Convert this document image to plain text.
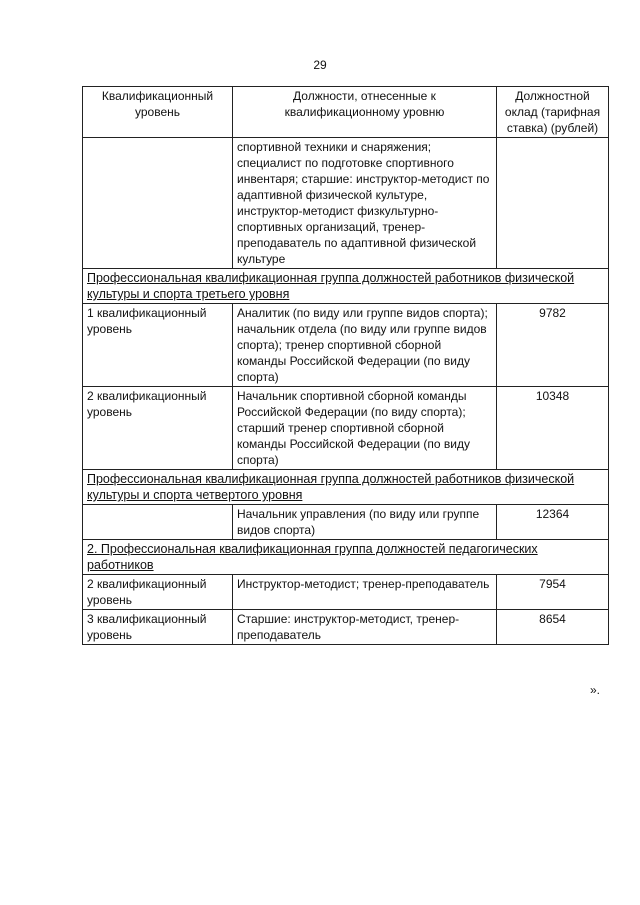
29
Квалификационный уровень	Должности, отнесенные к квалификационному уровню	Должностной оклад (тарифная ставка) (рублей)
	спортивной техники и снаряжения; специалист по подготовке спортивного инвентаря; старшие: инструктор-методист по адаптивной физической культуре, инструктор-методист физкультурно-спортивных организаций, тренер-преподаватель по адаптивной физической культуре	
Профессиональная квалификационная группа должностей работников физической культуры и спорта третьего уровня		
1 квалификационный уровень	Аналитик (по виду или группе видов спорта); начальник отдела (по виду или группе видов спорта); тренер спортивной сборной команды Российской Федерации (по виду спорта)	9782
2 квалификационный уровень	Начальник спортивной сборной команды Российской Федерации (по виду спорта); старший тренер спортивной сборной команды Российской Федерации (по виду спорта)	10348
Профессиональная квалификационная группа должностей работников физической культуры и спорта четвертого уровня		
	Начальник управления (по виду или группе видов спорта)	12364
2. Профессиональная квалификационная группа должностей педагогических работников		
2 квалификационный уровень	Инструктор-методист; тренер-преподаватель	7954
3 квалификационный уровень	Старшие: инструктор-методист, тренер-преподаватель	8654
».
